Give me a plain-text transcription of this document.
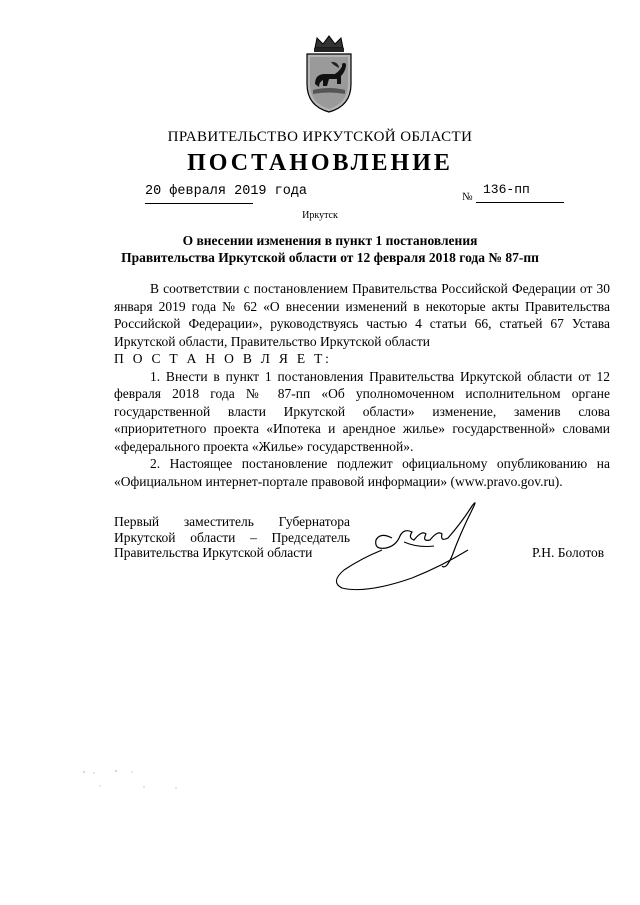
ПРАВИТЕЛЬСТВО ИРКУТСКОЙ ОБЛАСТИ
ПОСТАНОВЛЕНИЕ
20 февраля 2019 года	№ 136-пп
Иркутск
О внесении изменения в пункт 1 постановления
Правительства Иркутской области от 12 февраля 2018 года № 87-пп

В соответствии с постановлением Правительства Российской Федерации от 30 января 2019 года № 62 «О внесении изменений в некоторые акты Правительства Российской Федерации», руководствуясь частью 4 статьи 66, статьей 67 Устава Иркутской области, Правительство Иркутской области

П О С Т А Н О В Л Я Е Т:

1. Внести в пункт 1 постановления Правительства Иркутской области от 12 февраля 2018 года № 87-пп «Об уполномоченном исполнительном органе государственной власти Иркутской области» изменение, заменив слова «приоритетного проекта «Ипотека и арендное жилье» государственной» словами «федерального проекта «Жилье» государственной».

2. Настоящее постановление подлежит официальному опубликованию на «Официальном интернет-портале правовой информации» (www.pravo.gov.ru).

Первый заместитель Губернатора
Иркутской области – Председатель
Правительства Иркутской области	Р.Н. Болотов
